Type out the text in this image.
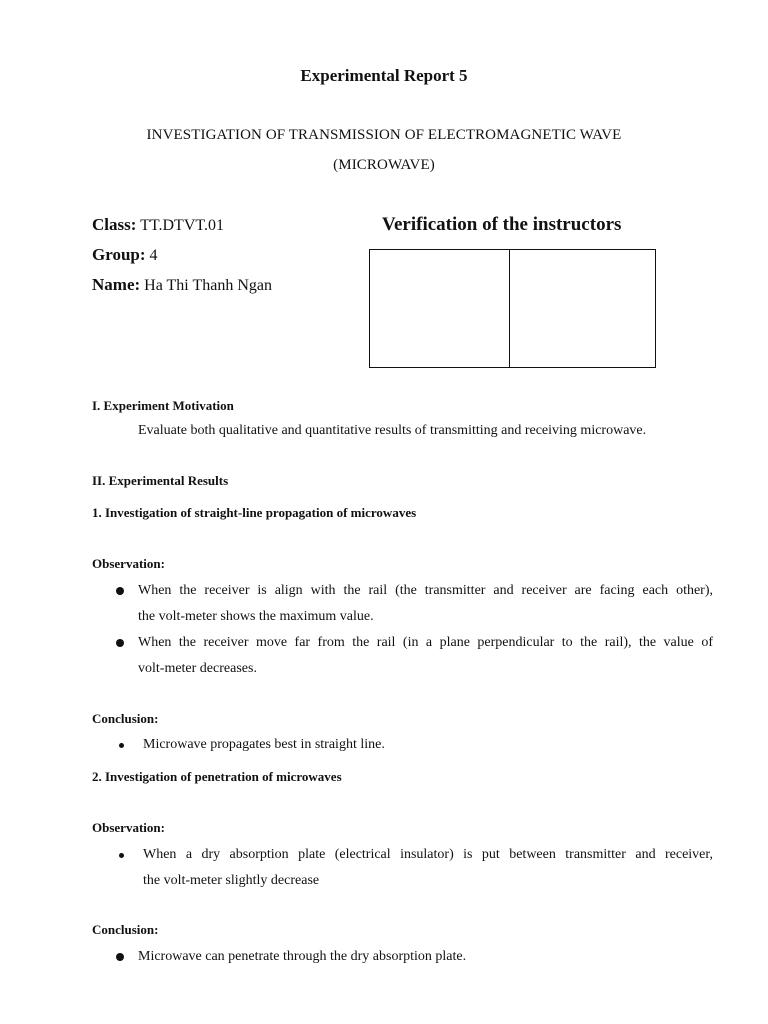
Experimental Report 5
INVESTIGATION OF TRANSMISSION OF ELECTROMAGNETIC WAVE
(MICROWAVE)
Class: TT.DTVT.01
Group: 4
Name: Ha Thi Thanh Ngan
Verification of the instructors
I. Experiment Motivation
Evaluate both qualitative and quantitative results of transmitting and receiving microwave.
II. Experimental Results
1. Investigation of straight-line propagation of microwaves
Observation:
When the receiver is align with the rail (the transmitter and receiver are facing each other),
the volt-meter shows the maximum value.
When the receiver move far from the rail (in a plane perpendicular to the rail), the value of
volt-meter decreases.
Conclusion:
Microwave propagates best in straight line.
2. Investigation of penetration of microwaves
Observation:
When a dry absorption plate (electrical insulator) is put between transmitter and receiver,
the volt-meter slightly decrease
Conclusion:
Microwave can penetrate through the dry absorption plate.
